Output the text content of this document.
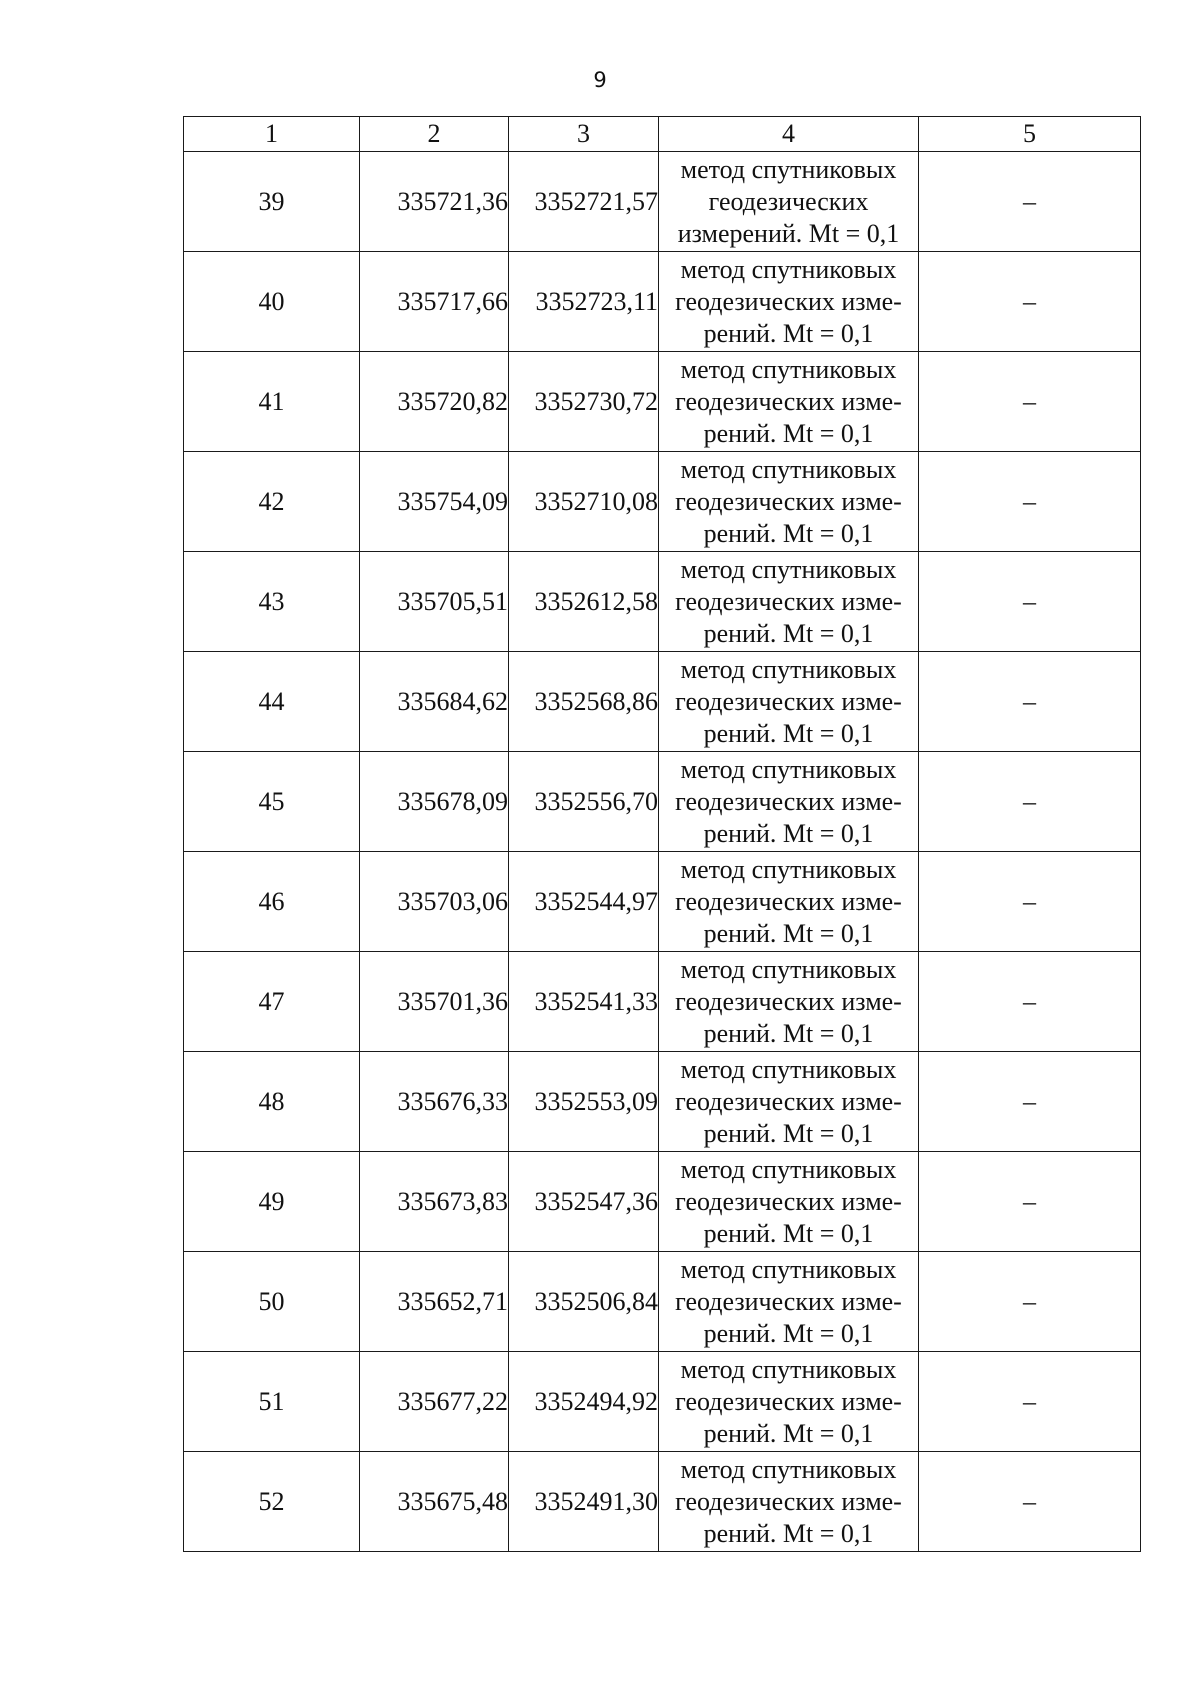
9
1	2	3	4	5
39	335721,36	3352721,57	метод спутниковых
геодезических
измерений. Mt = 0,1	–
40	335717,66	3352723,11	метод спутниковых
геодезических изме-
рений. Mt = 0,1	–
41	335720,82	3352730,72	метод спутниковых
геодезических изме-
рений. Mt = 0,1	–
42	335754,09	3352710,08	метод спутниковых
геодезических изме-
рений. Mt = 0,1	–
43	335705,51	3352612,58	метод спутниковых
геодезических изме-
рений. Mt = 0,1	–
44	335684,62	3352568,86	метод спутниковых
геодезических изме-
рений. Mt = 0,1	–
45	335678,09	3352556,70	метод спутниковых
геодезических изме-
рений. Mt = 0,1	–
46	335703,06	3352544,97	метод спутниковых
геодезических изме-
рений. Mt = 0,1	–
47	335701,36	3352541,33	метод спутниковых
геодезических изме-
рений. Mt = 0,1	–
48	335676,33	3352553,09	метод спутниковых
геодезических изме-
рений. Mt = 0,1	–
49	335673,83	3352547,36	метод спутниковых
геодезических изме-
рений. Mt = 0,1	–
50	335652,71	3352506,84	метод спутниковых
геодезических изме-
рений. Mt = 0,1	–
51	335677,22	3352494,92	метод спутниковых
геодезических изме-
рений. Mt = 0,1	–
52	335675,48	3352491,30	метод спутниковых
геодезических изме-
рений. Mt = 0,1	–
